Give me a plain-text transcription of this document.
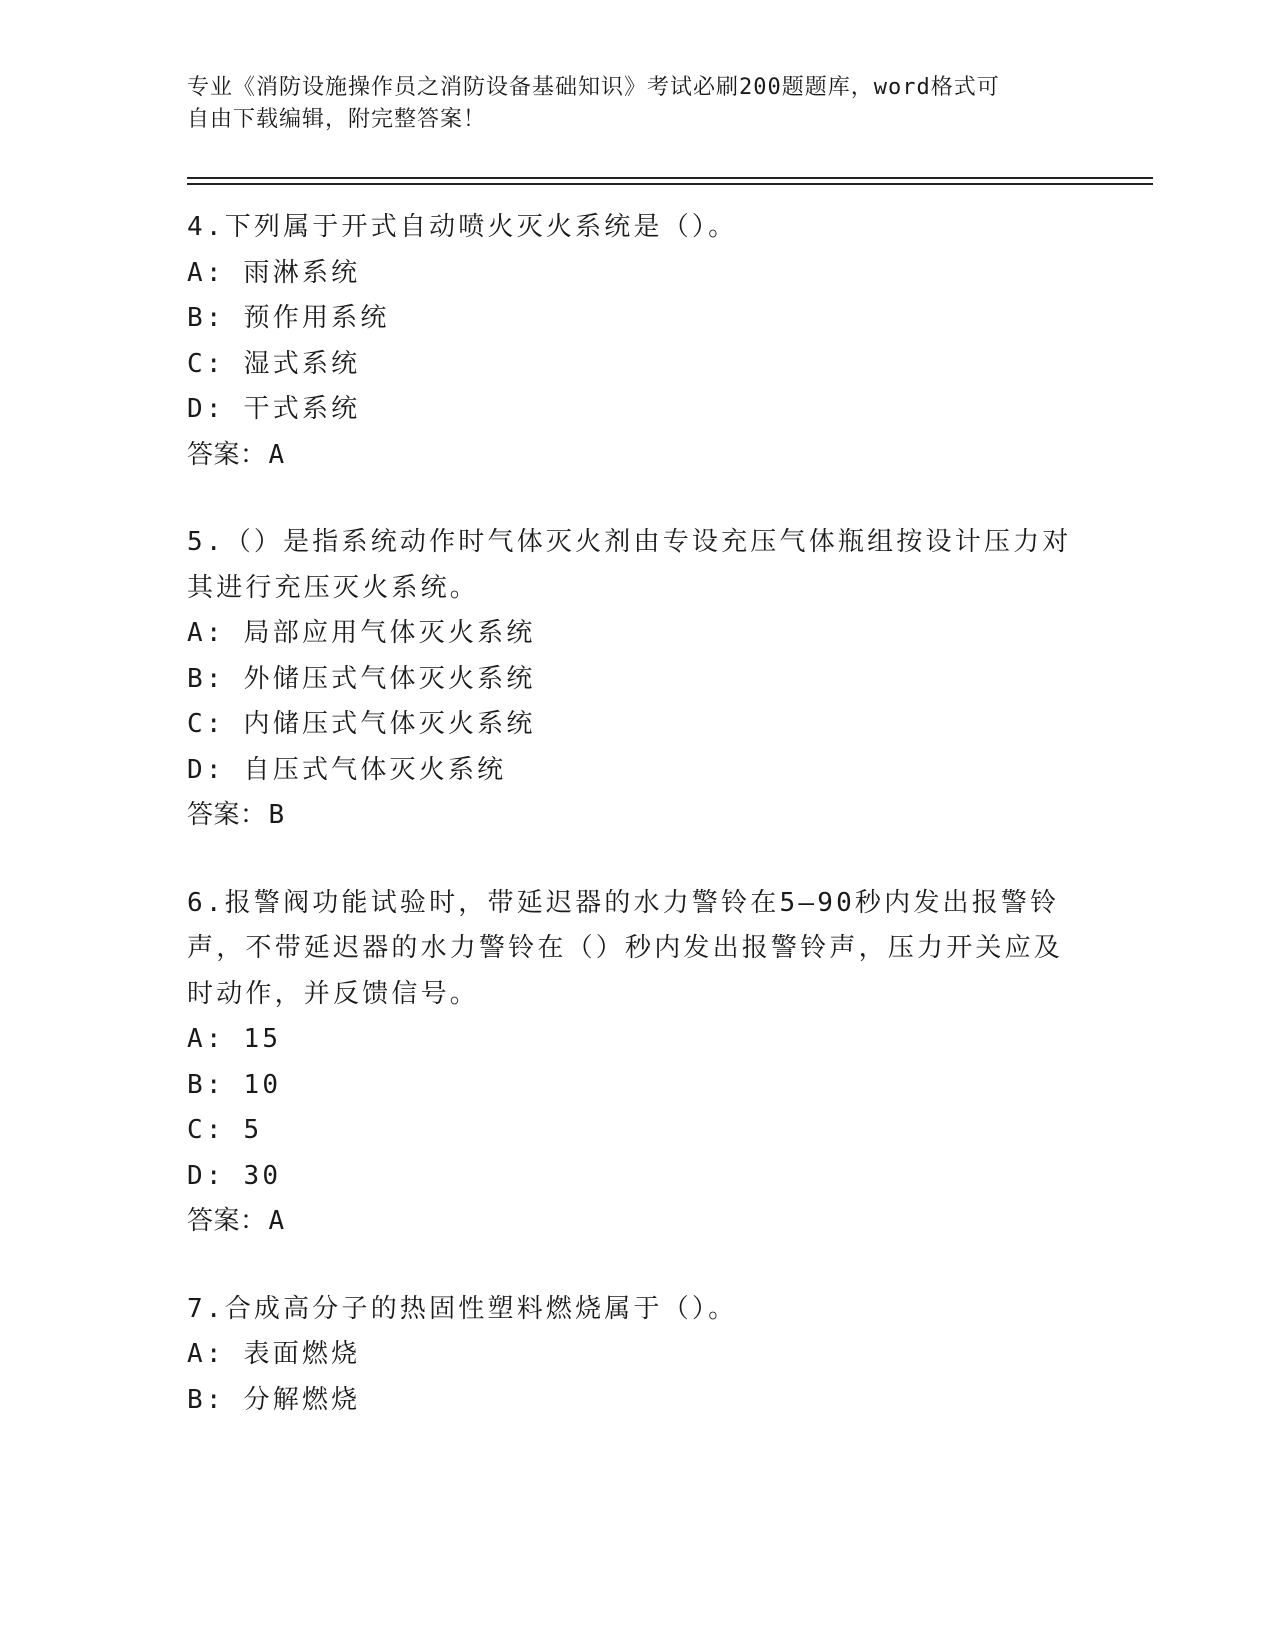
专业《消防设施操作员之消防设备基础知识》考试必刷200题题库，word格式可
自由下载编辑，附完整答案！
4.下列属于开式自动喷火灭火系统是（）。
A: 雨淋系统
B: 预作用系统
C: 湿式系统
D: 干式系统
答案：A
5.（）是指系统动作时气体灭火剂由专设充压气体瓶组按设计压力对
其进行充压灭火系统。
A: 局部应用气体灭火系统
B: 外储压式气体灭火系统
C: 内储压式气体灭火系统
D: 自压式气体灭火系统
答案：B
6.报警阀功能试验时，带延迟器的水力警铃在5—90秒内发出报警铃
声，不带延迟器的水力警铃在（）秒内发出报警铃声，压力开关应及
时动作，并反馈信号。
A: 15
B: 10
C: 5
D: 30
答案：A
7.合成高分子的热固性塑料燃烧属于（）。
A: 表面燃烧
B: 分解燃烧
